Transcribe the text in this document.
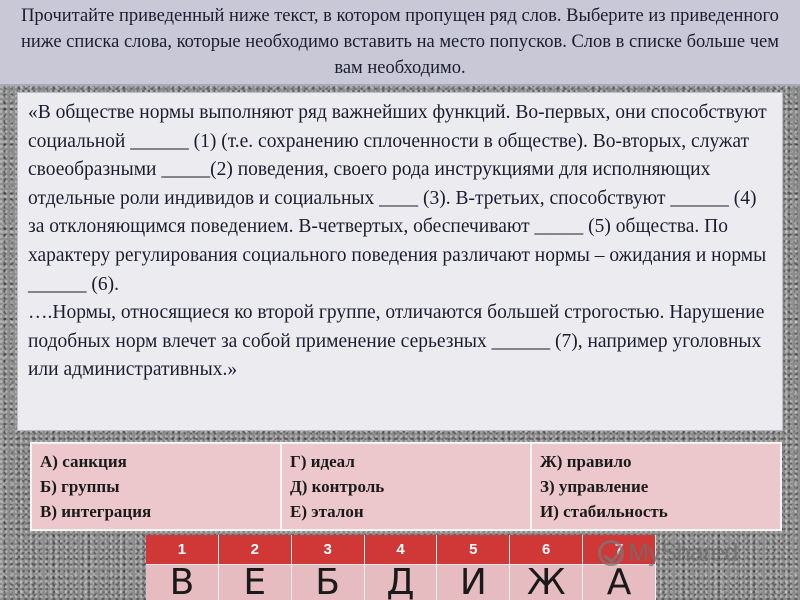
Прочитайте приведенный ниже текст, в котором пропущен ряд слов. Выберите из приведенного ниже списка слова, которые необходимо вставить на место попусков. Слов в списке больше чем вам необходимо.
«В обществе нормы выполняют ряд важнейших функций. Во-первых, они способствуют социальной ______ (1) (т.е. сохранению сплоченности в обществе). Во-вторых, служат своеобразными _____(2) поведения, своего рода инструкциями для исполняющих отдельные роли индивидов и социальных ____ (3). В-третьих, способствуют ______ (4) за отклоняющимся поведением. В-четвертых, обеспечивают _____ (5) общества. По характеру регулирования социального поведения различают нормы – ожидания и нормы ______ (6).
….Нормы, относящиеся ко второй группе, отличаются большей строгостью. Нарушение подобных норм влечет за собой применение серьезных ______ (7), например уголовных или административных.»
А) санкция
Б) группы
В) интеграция
Г) идеал
Д) контроль
Е) эталон
Ж) правило
З) управление
И) стабильность
1	2	3	4	5	6	7
В	Е	Б	Д	И	Ж	А
MyShared
